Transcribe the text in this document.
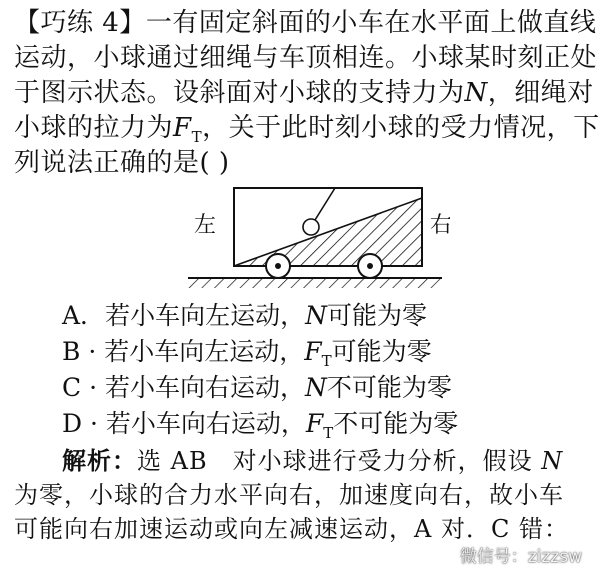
【巧练 4】一有固定斜面的小车在水平面上做直线
运动，小球通过细绳与车顶相连。小球某时刻正处
于图示状态。设斜面对小球的支持力为N，细绳对
小球的拉力为$F_T$，关于此时刻小球的受力情况，下
列说法正确的是( )
左	右
A．若小车向左运动，N可能为零
B · 若小车向左运动，$F_T$可能为零
C · 若小车向右运动，N不可能为零
D · 若小车向右运动，$F_T$不可能为零
解析：选 AB　对小球进行受力分析，假设 N
为零，小球的合力水平向右，加速度向右，故小车
可能向右加速运动或向左减速运动，A 对．C 错：
微信号：zizzsw
